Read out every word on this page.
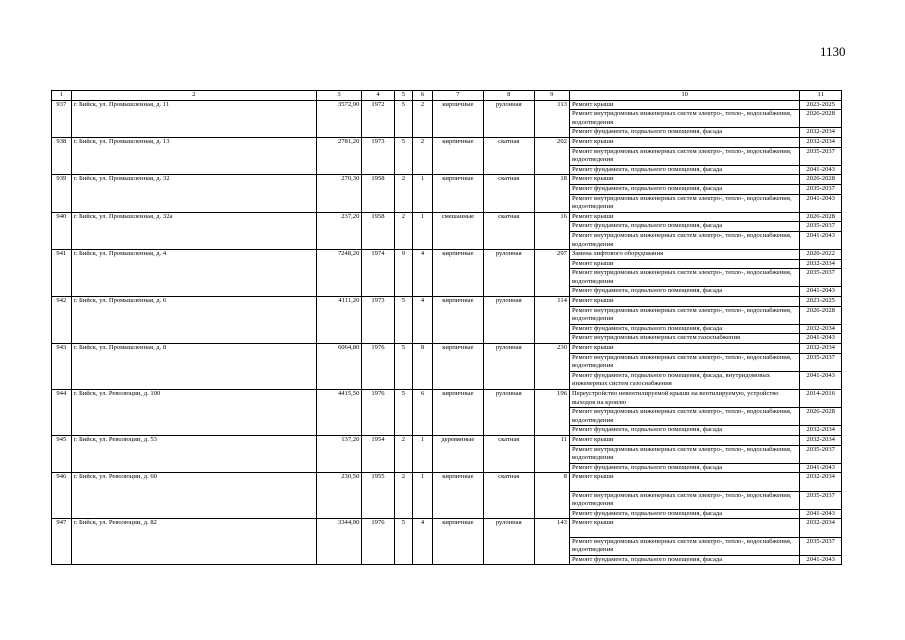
1130
1	2	3	4	5	6	7	8	9	10	11
937	г. Бийск, ул. Промышленная, д. 11	3572,90	1972	5	2	кирпичные	рулонная	113	Ремонт крыши	2023-2025
									Ремонт внутридомовых инженерных систем электро-, тепло-, водоснабжения, водоотведения	2026-2028
									Ремонт фундамента, подвального помещения, фасада	2032-2034
938	г. Бийск, ул. Промышленная, д. 13	2781,20	1973	5	2	кирпичные	скатная	202	Ремонт крыши	2032-2034
									Ремонт внутридомовых инженерных систем электро-, тепло-, водоснабжения, водоотведения	2035-2037
									Ремонт фундамента, подвального помещения, фасада	2041-2043
939	г. Бийск, ул. Промышленная, д. 32	270,30	1958	2	1	кирпичные	скатная	18	Ремонт крыши	2026-2028
									Ремонт фундамента, подвального помещения, фасада	2035-2037
									Ремонт внутридомовых инженерных систем электро-, тепло-, водоснабжения, водоотведения	2041-2043
940	г. Бийск, ул. Промышленная, д. 32а	237,20	1958	2	1	смешанные	скатная	16	Ремонт крыши	2026-2028
									Ремонт фундамента, подвального помещения, фасада	2035-2037
									Ремонт внутридомовых инженерных систем электро-, тепло-, водоснабжения, водоотведения	2041-2043
941	г. Бийск, ул. Промышленная, д. 4	7248,20	1974	9	4	кирпичные	рулонная	297	Замена лифтового оборудования	2020-2022
									Ремонт крыши	2032-2034
									Ремонт внутридомовых инженерных систем электро-, тепло-, водоснабжения, водоотведения	2035-2037
									Ремонт фундамента, подвального помещения, фасада	2041-2043
942	г. Бийск, ул. Промышленная, д. 6	4111,20	1973	5	4	кирпичные	рулонная	114	Ремонт крыши	2023-2025
									Ремонт внутридомовых инженерных систем электро-, тепло-, водоснабжения, водоотведения	2026-2028
									Ремонт фундамента, подвального помещения, фасада	2032-2034
									Ремонт внутридомовых инженерных систем газоснабжения	2041-2043
943	г. Бийск, ул. Промышленная, д. 8	6064,80	1976	5	8	кирпичные	рулонная	230	Ремонт крыши	2032-2034
									Ремонт внутридомовых инженерных систем электро-, тепло-, водоснабжения, водоотведения	2035-2037
									Ремонт фундамента, подвального помещения, фасада, внутридомовых инженерных систем газоснабжения	2041-2043
944	г. Бийск, ул. Революции, д. 100	4415,50	1976	5	6	кирпичные	рулонная	196	Переустройство невентилируемой крыши на вентилируемую, устройство выходов на кровлю	2014-2016
									Ремонт внутридомовых инженерных систем электро-, тепло-, водоснабжения, водоотведения	2026-2028
									Ремонт фундамента, подвального помещения, фасада	2032-2034
945	г. Бийск, ул. Революции, д. 53	137,20	1954	2	1	деревянные	скатная	11	Ремонт крыши	2032-2034
									Ремонт внутридомовых инженерных систем электро-, тепло-, водоснабжения, водоотведения	2035-2037
									Ремонт фундамента, подвального помещения, фасада	2041-2043
946	г. Бийск, ул. Революции, д. 60	230,50	1955	2	1	кирпичные	скатная	8	Ремонт крыши	2032-2034
									Ремонт внутридомовых инженерных систем электро-, тепло-, водоснабжения, водоотведения	2035-2037
									Ремонт фундамента, подвального помещения, фасада	2041-2043
947	г. Бийск, ул. Революции, д. 82	3344,90	1976	5	4	кирпичные	рулонная	143	Ремонт крыши	2032-2034
									Ремонт внутридомовых инженерных систем электро-, тепло-, водоснабжения, водоотведения	2035-2037
									Ремонт фундамента, подвального помещения, фасада	2041-2043
